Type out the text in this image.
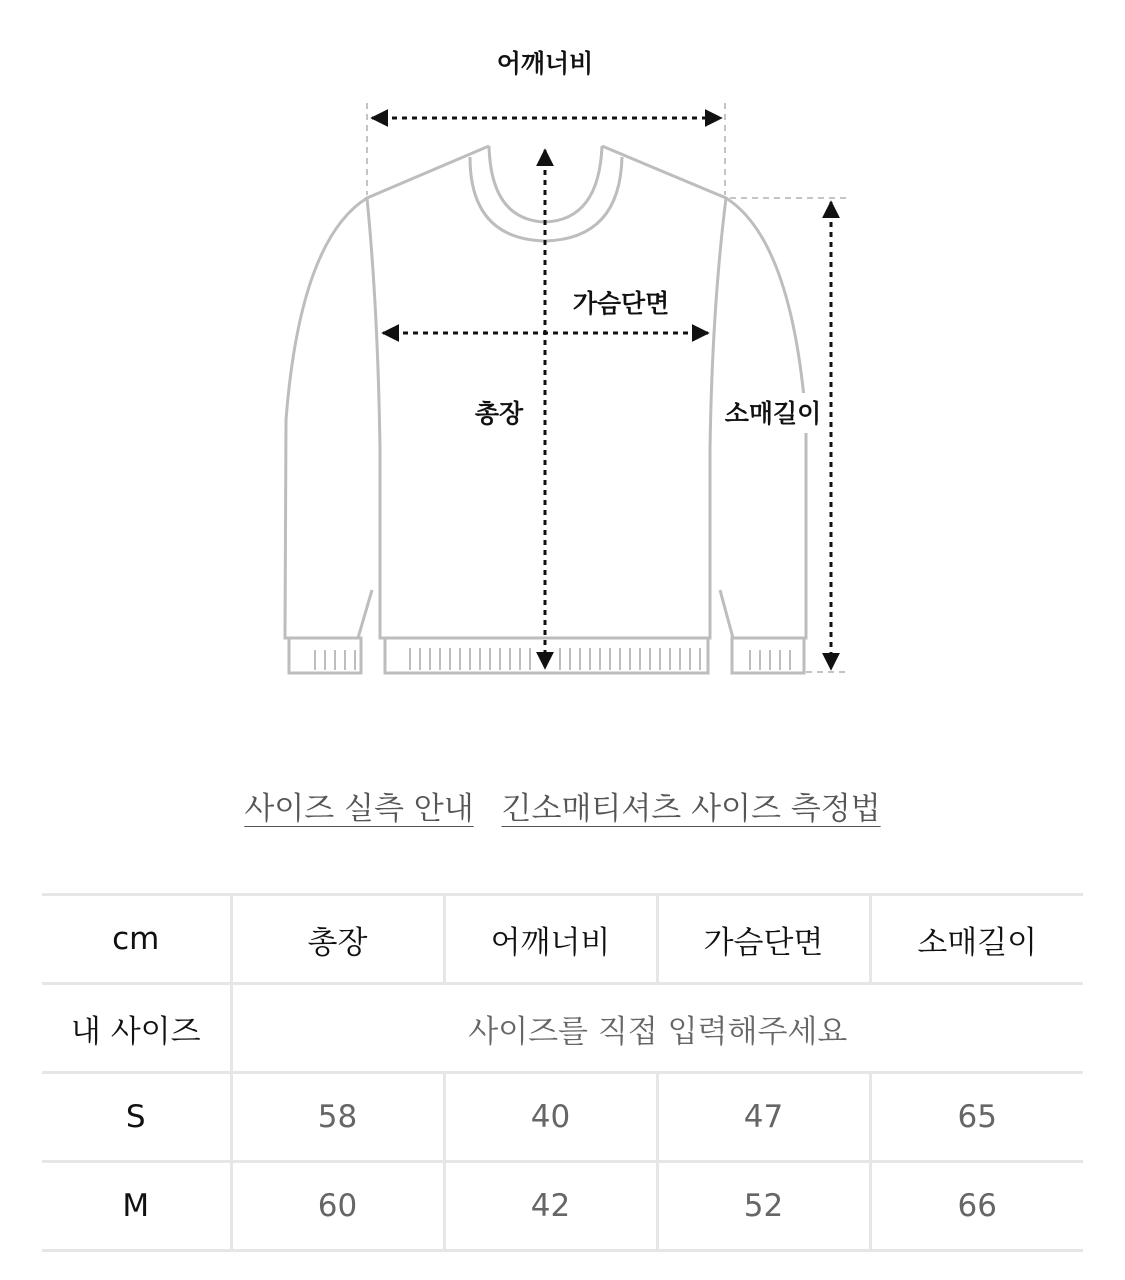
어깨너비
가슴단면
총장	소매길이
사이즈 실측 안내 긴소매티셔츠 사이즈 측정법
cm	총장	어깨너비	가슴단면	소매길이
내 사이즈	사이즈를 직접 입력해주세요			
S	58	40	47	65
M	60	42	52	66
